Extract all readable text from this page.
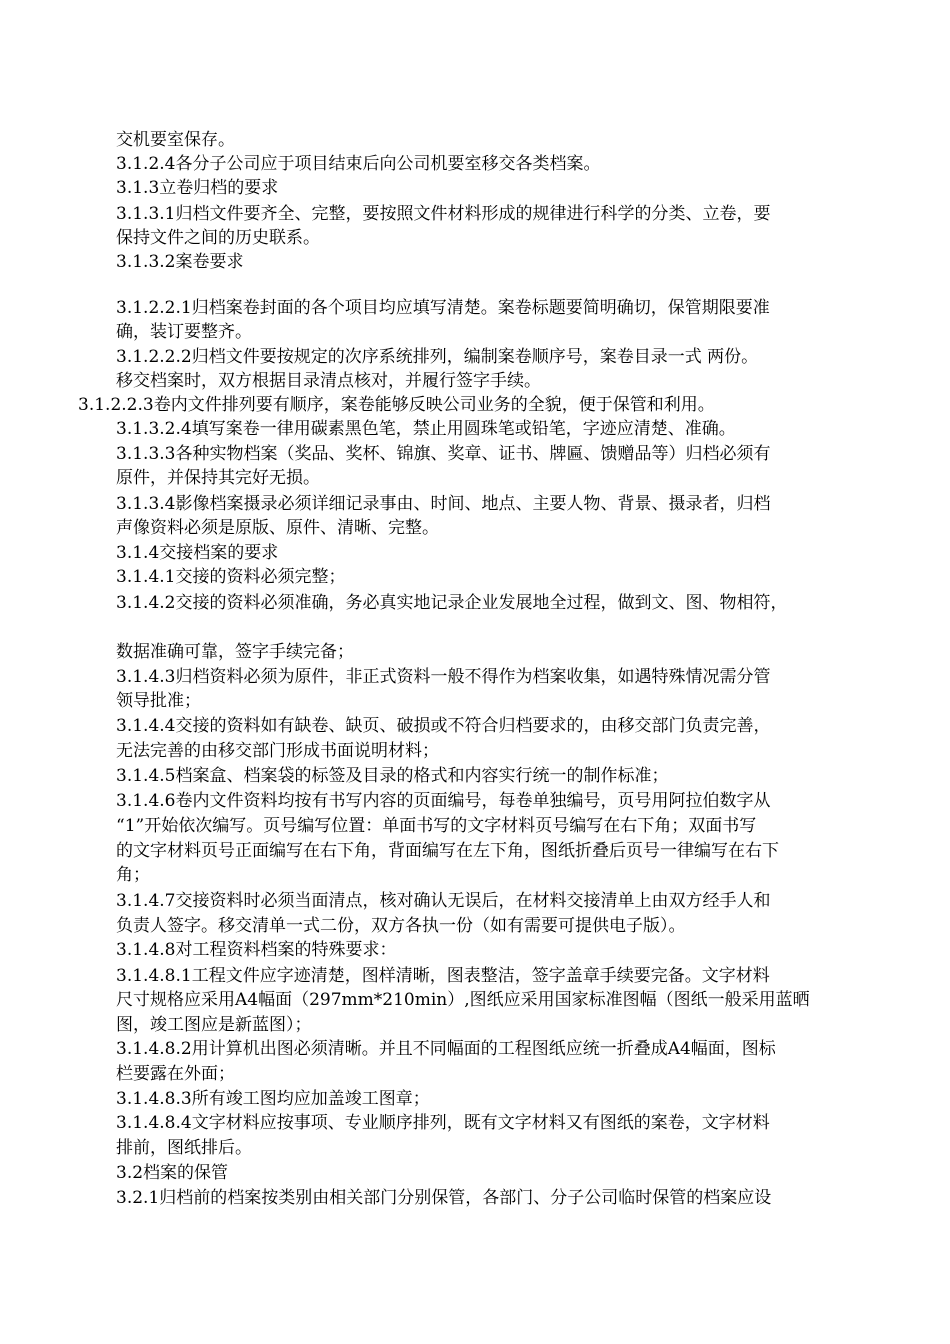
交机要室保存。
3.1.2.4各分子公司应于项目结束后向公司机要室移交各类档案。
3.1.3立卷归档的要求
3.1.3.1归档文件要齐全、完整，要按照文件材料形成的规律进行科学的分类、立卷，要
保持文件之间的历史联系。
3.1.3.2案卷要求
3.1.2.2.1归档案卷封面的各个项目均应填写清楚。案卷标题要简明确切，保管期限要准
确，装订要整齐。
3.1.2.2.2归档文件要按规定的次序系统排列，编制案卷顺序号，案卷目录一式 两份。
移交档案时，双方根据目录清点核对，并履行签字手续。
3.1.2.2.3卷内文件排列要有顺序，案卷能够反映公司业务的全貌，便于保管和利用。
3.1.3.2.4填写案卷一律用碳素黑色笔，禁止用圆珠笔或铅笔，字迹应清楚、准确。
3.1.3.3各种实物档案（奖品、奖杯、锦旗、奖章、证书、牌匾、馈赠品等）归档必须有
原件，并保持其完好无损。
3.1.3.4影像档案摄录必须详细记录事由、时间、地点、主要人物、背景、摄录者，归档
声像资料必须是原版、原件、清晰、完整。
3.1.4交接档案的要求
3.1.4.1交接的资料必须完整；
3.1.4.2交接的资料必须准确，务必真实地记录企业发展地全过程，做到文、图、物相符，
数据准确可靠，签字手续完备；
3.1.4.3归档资料必须为原件，非正式资料一般不得作为档案收集，如遇特殊情况需分管
领导批准；
3.1.4.4交接的资料如有缺卷、缺页、破损或不符合归档要求的，由移交部门负责完善，
无法完善的由移交部门形成书面说明材料；
3.1.4.5档案盒、档案袋的标签及目录的格式和内容实行统一的制作标准；
3.1.4.6卷内文件资料均按有书写内容的页面编号，每卷单独编号，页号用阿拉伯数字从
“1”开始依次编写。页号编写位置：单面书写的文字材料页号编写在右下角；双面书写
的文字材料页号正面编写在右下角，背面编写在左下角，图纸折叠后页号一律编写在右下
角；
3.1.4.7交接资料时必须当面清点，核对确认无误后，在材料交接清单上由双方经手人和
负责人签字。移交清单一式二份，双方各执一份（如有需要可提供电子版）。
3.1.4.8对工程资料档案的特殊要求：
3.1.4.8.1工程文件应字迹清楚，图样清晰，图表整洁，签字盖章手续要完备。文字材料
尺寸规格应采用A4幅面（297mm*210min）,图纸应采用国家标准图幅（图纸一般采用蓝晒
图，竣工图应是新蓝图）；
3.1.4.8.2用计算机出图必须清晰。并且不同幅面的工程图纸应统一折叠成A4幅面，图标
栏要露在外面；
3.1.4.8.3所有竣工图均应加盖竣工图章；
3.1.4.8.4文字材料应按事项、专业顺序排列，既有文字材料又有图纸的案卷，文字材料
排前，图纸排后。
3.2档案的保管
3.2.1归档前的档案按类别由相关部门分别保管，各部门、分子公司临时保管的档案应设
